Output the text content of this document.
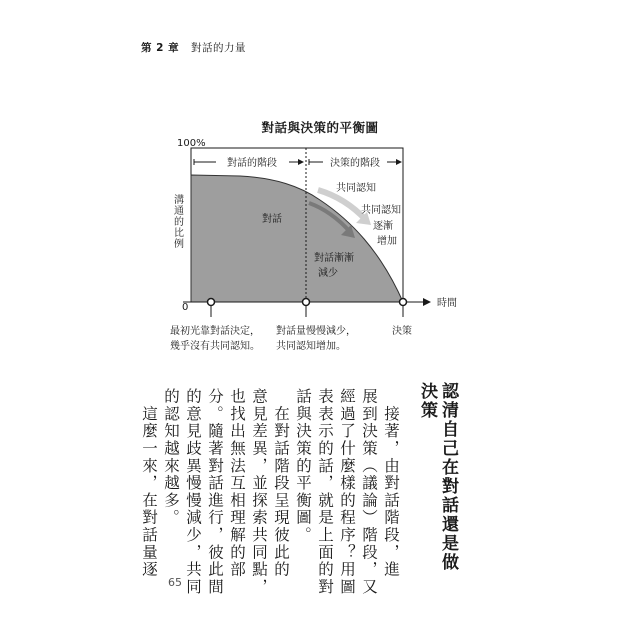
第 2 章 對話的力量
對話與決策的平衡圖
100%
0	時間
對話的階段	決策的階段
對話
共同認知
共同認知
逐漸
增加
對話漸漸
減少
最初光靠對話決定，
幾乎沒有共同認知。
對話量慢慢減少，
共同認知增加。
決策
溝通的比例
認清自己在對話還是做
決策
　接著，由對話階段，進
展到決策（議論）階段，又
經過了什麼樣的程序？用圖
表表示的話，就是上面的對
話與決策的平衡圖。
　在對話階段呈現彼此的
意見差異，並探索共同點，
也找出無法互相理解的部
分。隨著對話進行，彼此間
的意見歧異慢慢減少，共同
的認知越來越多。
　這麼一來，在對話量逐
65
